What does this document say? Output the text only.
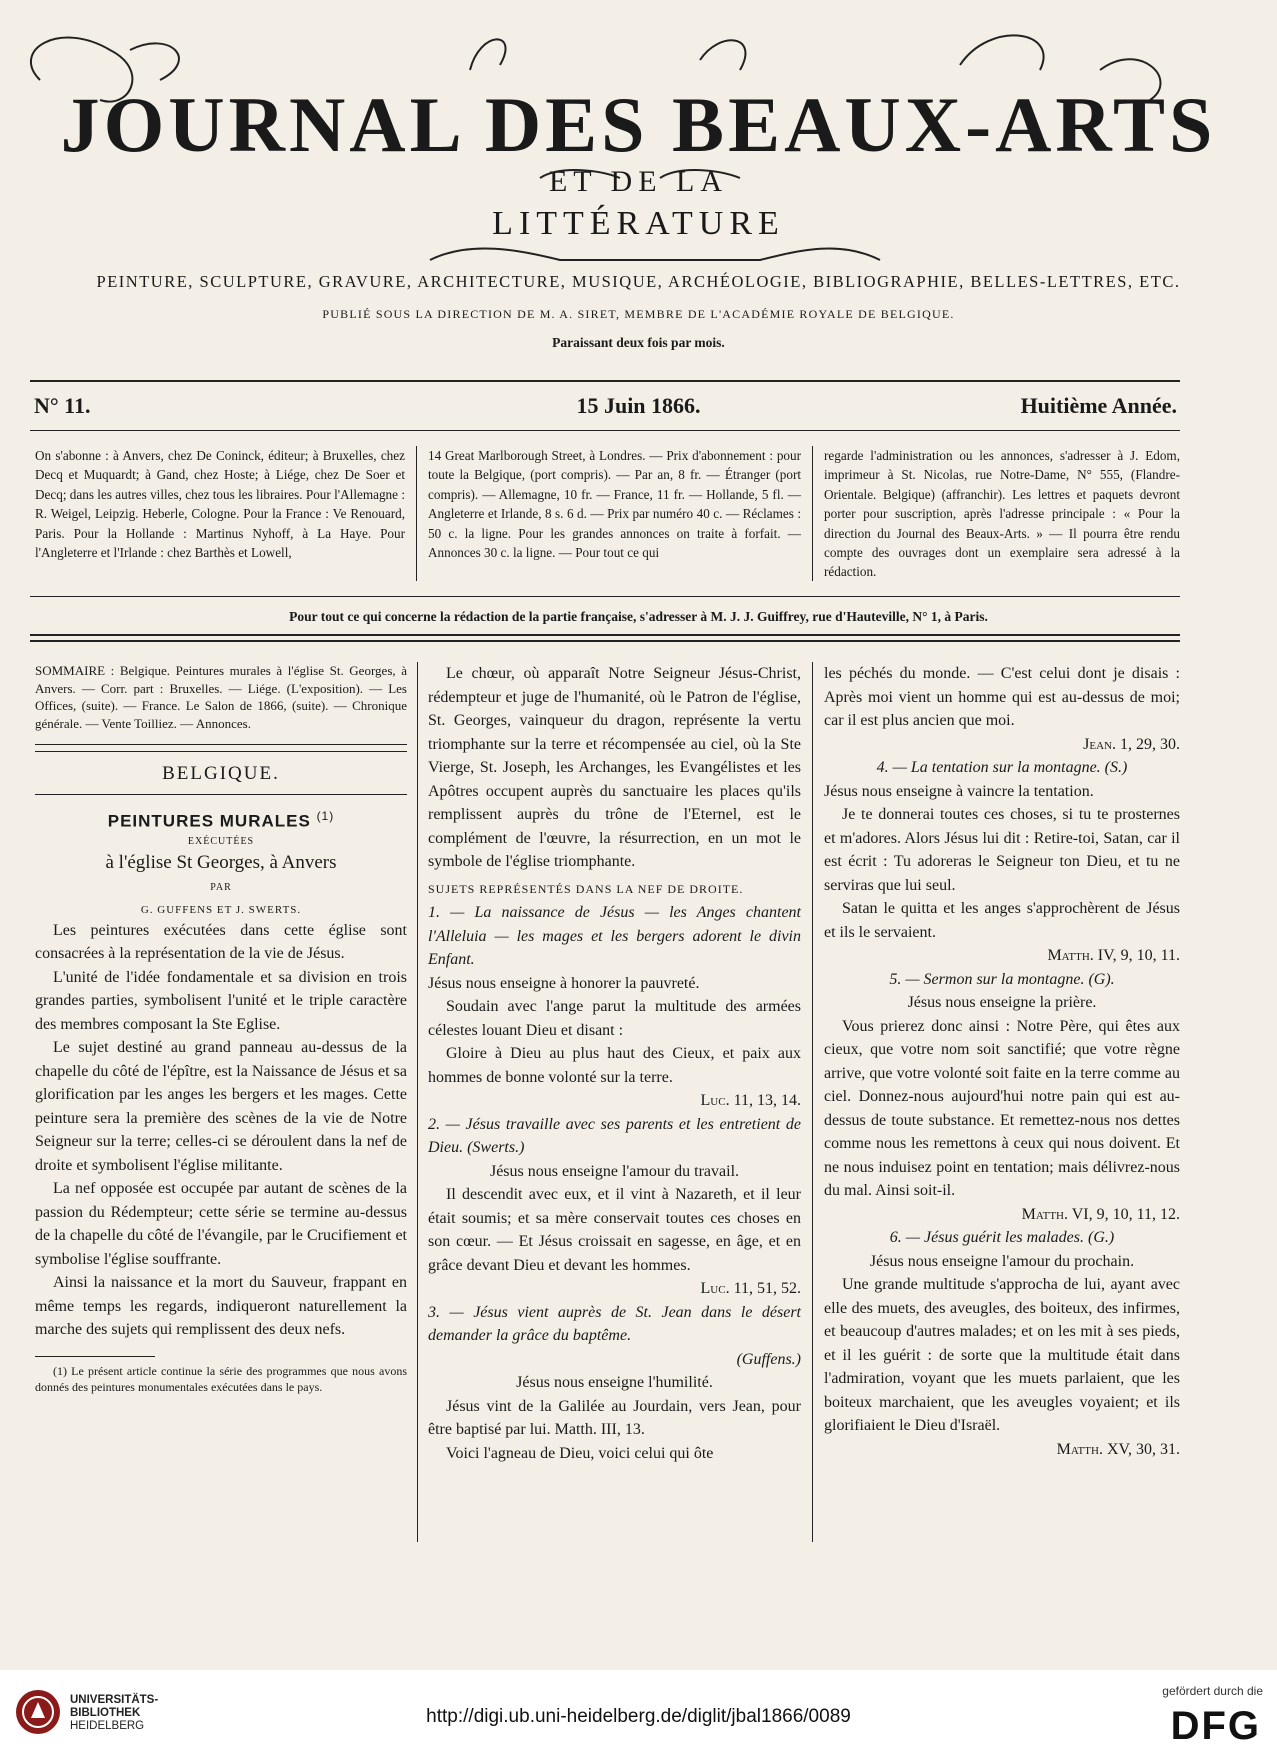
JOURNAL DES BEAUX-ARTS
ET DE LA
LITTÉRATURE
PEINTURE, SCULPTURE, GRAVURE, ARCHITECTURE, MUSIQUE, ARCHÉOLOGIE, BIBLIOGRAPHIE, BELLES-LETTRES, ETC.
PUBLIÉ SOUS LA DIRECTION DE M. A. SIRET, MEMBRE DE L'ACADÉMIE ROYALE DE BELGIQUE.
Paraissant deux fois par mois.
N° 11.	15 Juin 1866.	Huitième Année.
On s'abonne : à Anvers, chez De Coninck, éditeur; à Bruxelles, chez Decq et Muquardt; à Gand, chez Hoste; à Liége, chez De Soer et Decq; dans les autres villes, chez tous les libraires. Pour l'Allemagne : R. Weigel, Leipzig. Heberle, Cologne. Pour la France : Ve Renouard, Paris. Pour la Hollande : Martinus Nyhoff, à La Haye. Pour l'Angleterre et l'Irlande : chez Barthès et Lowell,
14 Great Marlborough Street, à Londres. — Prix d'abonnement : pour toute la Belgique, (port compris). — Par an, 8 fr. — Étranger (port compris). — Allemagne, 10 fr. — France, 11 fr. — Hollande, 5 fl. — Angleterre et Irlande, 8 s. 6 d. — Prix par numéro 40 c. — Réclames : 50 c. la ligne. Pour les grandes annonces on traite à forfait. — Annonces 30 c. la ligne. — Pour tout ce qui
regarde l'administration ou les annonces, s'adresser à J. Edom, imprimeur à St. Nicolas, rue Notre-Dame, N° 555, (Flandre-Orientale. Belgique) (affranchir). Les lettres et paquets devront porter pour suscription, après l'adresse principale : « Pour la direction du Journal des Beaux-Arts. » — Il pourra être rendu compte des ouvrages dont un exemplaire sera adressé à la rédaction.
Pour tout ce qui concerne la rédaction de la partie française, s'adresser à M. J. J. Guiffrey, rue d'Hauteville, N° 1, à Paris.

SOMMAIRE : Belgique. Peintures murales à l'église St. Georges, à Anvers. — Corr. part : Bruxelles. — Liége. (L'exposition). — Les Offices, (suite). — France. Le Salon de 1866, (suite). — Chronique générale. — Vente Toilliez. — Annonces.

BELGIQUE.
PEINTURES MURALES $^{(1)}$

EXÉCUTÉES

à l'église St Georges, à Anvers

PAR

G. GUFFENS ET J. SWERTS.

Les peintures exécutées dans cette église sont consacrées à la représentation de la vie de Jésus.

L'unité de l'idée fondamentale et sa division en trois grandes parties, symbolisent l'unité et le triple caractère des membres composant la Ste Eglise.

Le sujet destiné au grand panneau au-dessus de la chapelle du côté de l'épître, est la Naissance de Jésus et sa glorification par les anges les bergers et les mages. Cette peinture sera la première des scènes de la vie de Notre Seigneur sur la terre; celles-ci se déroulent dans la nef de droite et symbolisent l'église militante.

La nef opposée est occupée par autant de scènes de la passion du Rédempteur; cette série se termine au-dessus de la chapelle du côté de l'évangile, par le Crucifiement et symbolise l'église souffrante.

Ainsi la naissance et la mort du Sauveur, frappant en même temps les regards, indiqueront naturellement la marche des sujets qui remplissent des deux nefs.

(1) Le présent article continue la série des programmes que nous avons donnés des peintures monumentales exécutées dans le pays.

Le chœur, où apparaît Notre Seigneur Jésus-Christ, rédempteur et juge de l'humanité, où le Patron de l'église, St. Georges, vainqueur du dragon, représente la vertu triomphante sur la terre et récompensée au ciel, où la Ste Vierge, St. Joseph, les Archanges, les Evangélistes et les Apôtres occupent auprès du sanctuaire les places qu'ils remplissent auprès du trône de l'Eternel, est le complément de l'œuvre, la résurrection, en un mot le symbole de l'église triomphante.

SUJETS REPRÉSENTÉS DANS LA NEF DE DROITE.

1. — La naissance de Jésus — les Anges chantent l'Alleluia — les mages et les bergers adorent le divin Enfant.

Jésus nous enseigne à honorer la pauvreté.

Soudain avec l'ange parut la multitude des armées célestes louant Dieu et disant :

Gloire à Dieu au plus haut des Cieux, et paix aux hommes de bonne volonté sur la terre.

Luc. 11, 13, 14.

2. — Jésus travaille avec ses parents et les entretient de Dieu. (Swerts.)

Jésus nous enseigne l'amour du travail.

Il descendit avec eux, et il vint à Nazareth, et il leur était soumis; et sa mère conservait toutes ces choses en son cœur. — Et Jésus croissait en sagesse, en âge, et en grâce devant Dieu et devant les hommes.

Luc. 11, 51, 52.

3. — Jésus vient auprès de St. Jean dans le désert demander la grâce du baptême.

(Guffens.)

Jésus nous enseigne l'humilité.

Jésus vint de la Galilée au Jourdain, vers Jean, pour être baptisé par lui. Matth. III, 13.

Voici l'agneau de Dieu, voici celui qui ôte

les péchés du monde. — C'est celui dont je disais : Après moi vient un homme qui est au-dessus de moi; car il est plus ancien que moi.

Jean. 1, 29, 30.

4. — La tentation sur la montagne. (S.)

Jésus nous enseigne à vaincre la tentation.

Je te donnerai toutes ces choses, si tu te prosternes et m'adores. Alors Jésus lui dit : Retire-toi, Satan, car il est écrit : Tu adoreras le Seigneur ton Dieu, et tu ne serviras que lui seul.

Satan le quitta et les anges s'approchèrent de Jésus et ils le servaient.

Matth. IV, 9, 10, 11.

5. — Sermon sur la montagne. (G).

Jésus nous enseigne la prière.

Vous prierez donc ainsi : Notre Père, qui êtes aux cieux, que votre nom soit sanctifié; que votre règne arrive, que votre volonté soit faite en la terre comme au ciel. Donnez-nous aujourd'hui notre pain qui est au-dessus de toute substance. Et remettez-nous nos dettes comme nous les remettons à ceux qui nous doivent. Et ne nous induisez point en tentation; mais délivrez-nous du mal. Ainsi soit-il.

Matth. VI, 9, 10, 11, 12.

6. — Jésus guérit les malades. (G.)

Jésus nous enseigne l'amour du prochain.

Une grande multitude s'approcha de lui, ayant avec elle des muets, des aveugles, des boiteux, des infirmes, et beaucoup d'autres malades; et on les mit à ses pieds, et il les guérit : de sorte que la multitude était dans l'admiration, voyant que les muets parlaient, que les boiteux marchaient, que les aveugles voyaient; et ils glorifiaient le Dieu d'Israël.

Matth. XV, 30, 31.

UNIVERSITÄTS-
BIBLIOTHEK
HEIDELBERG	http://digi.ub.uni-heidelberg.de/diglit/jbal1866/0089
gefördert durch die
DFG
